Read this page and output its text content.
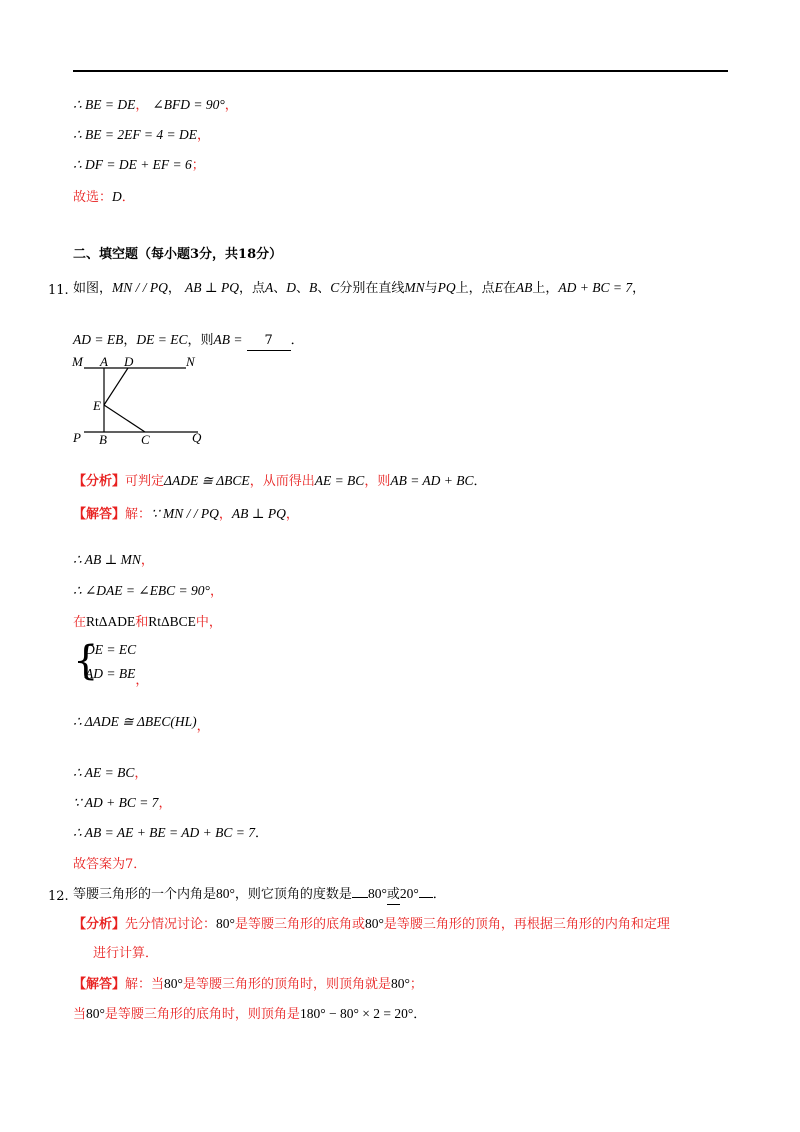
∴ BE = DE， ∠BFD = 90°，
∴ BE = 2EF = 4 = DE，
∴ DF = DE + EF = 6；
故选：D．
二、填空题（每小题3分，共18分）
11. 如图，MN / / PQ， AB ⊥ PQ，点A、D、B、C分别在直线MN与PQ上，点E在AB上，AD + BC = 7，
AD = EB，DE = EC，则AB = 7 ．
M A D	N
E
P B	C	Q
【分析】可判定ΔADE ≅ ΔBCE，从而得出AE = BC，则AB = AD + BC．
【解答】解：∵ MN / / PQ，AB ⊥ PQ，
∴ AB ⊥ MN，
∴ ∠DAE = ∠EBC = 90°，
在RtΔADE和RtΔBCE中，
{
DE = EC
AD = BE，
∴ ΔADE ≅ ΔBEC(HL)，
∴ AE = BC，
∵ AD + BC = 7，
∴ AB = AE + BE = AD + BC = 7．
故答案为7．
12. 等腰三角形的一个内角是80°，则它顶角的度数是 80°或20° ．
【分析】先分情况讨论：80°是等腰三角形的底角或80°是等腰三角形的顶角，再根据三角形的内角和定理
进行计算．
【解答】解：当80°是等腰三角形的顶角时，则顶角就是80°；
当80°是等腰三角形的底角时，则顶角是180° − 80° × 2 = 20°．
